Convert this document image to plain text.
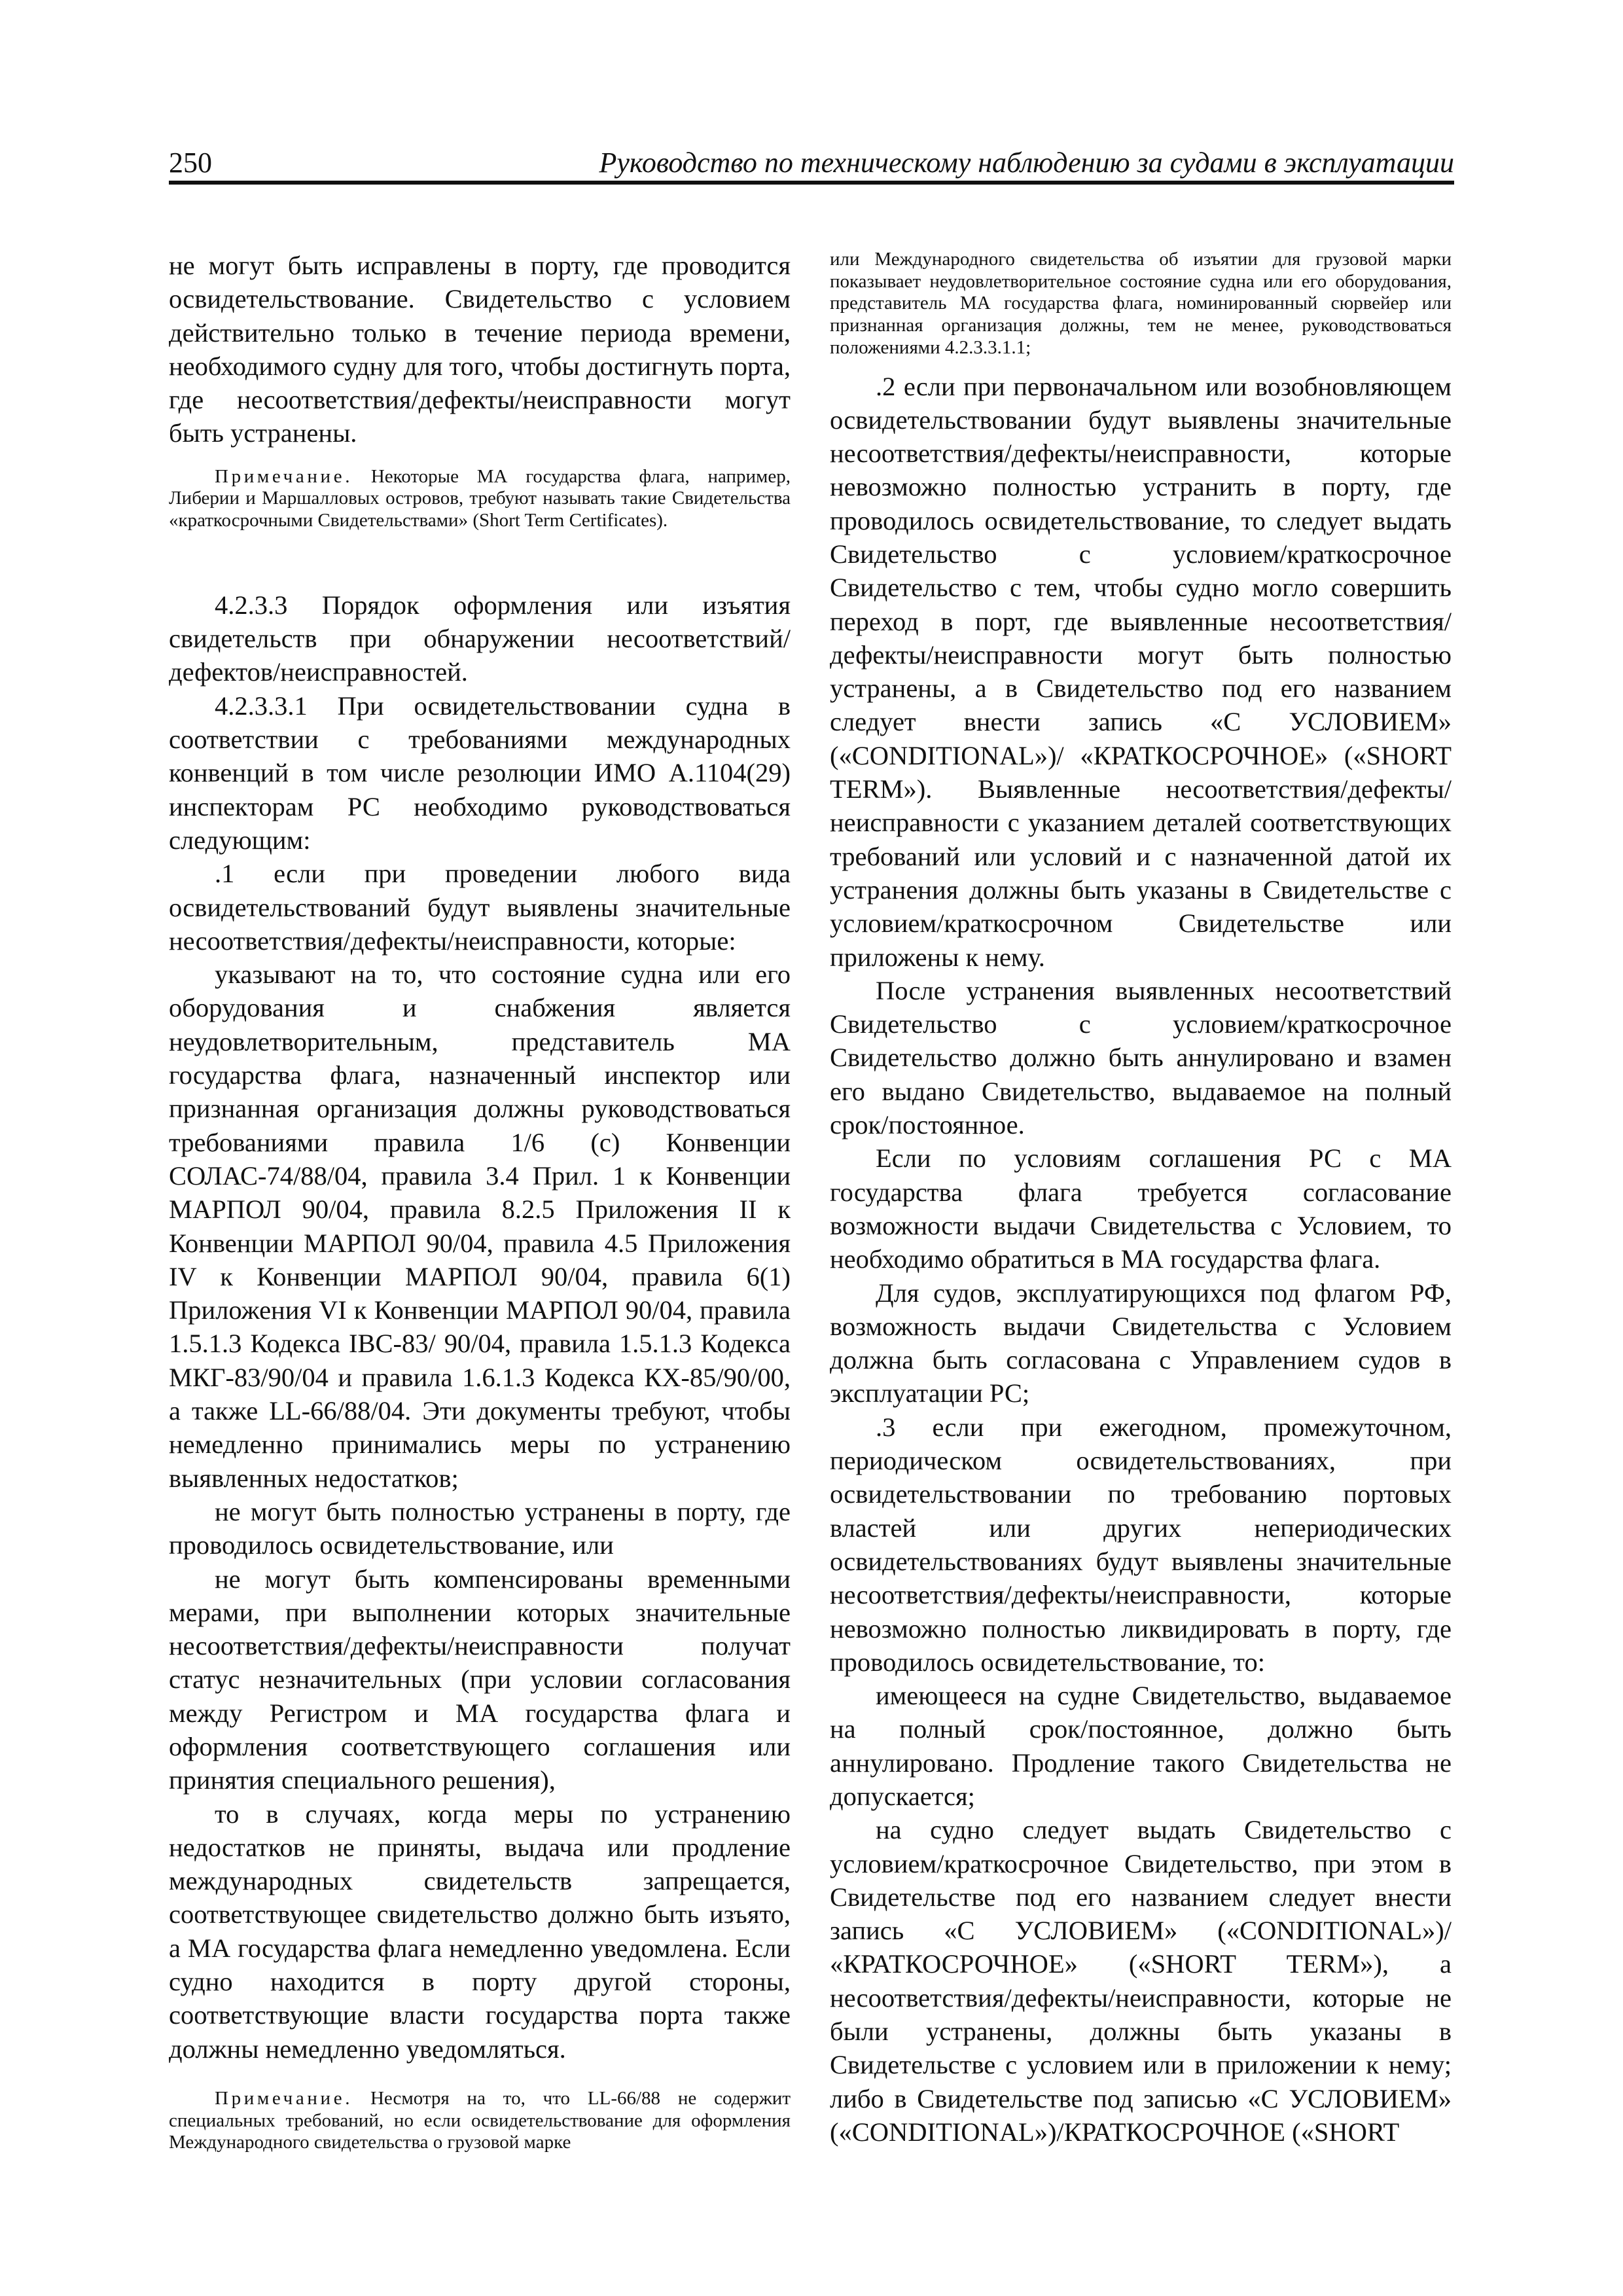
250	Руководство по техническому наблюдению за судами в эксплуатации

не могут быть исправлены в порту, где проводится освидетельствование. Свидетельство с условием действительно только в течение периода времени, необходимого судну для того, чтобы достигнуть порта, где несоответствия/дефекты/неисправности могут быть устранены.

Примечание. Некоторые МА государства флага, например, Либерии и Маршалловых островов, требуют называть такие Свидетельства «краткосрочными Свидетельствами» (Short Term Certificates).

4.2.3.3 Порядок оформления или изъятия свидетельств при обнаружении несоответствий/дефектов/неисправностей.

4.2.3.3.1 При освидетельствовании судна в соответствии с требованиями международных конвенций в том числе резолюции ИМО А.1104(29) инспекторам РС необходимо руководствоваться следующим:

.1 если при проведении любого вида освидетельствований будут выявлены значительные несоответствия/дефекты/неисправности, которые:

указывают на то, что состояние судна или его оборудования и снабжения является неудовлетворительным, представитель МА государства флага, назначенный инспектор или признанная организация должны руководствоваться требованиями правила 1/6 (с) Конвенции СОЛАС-74/88/04, правила 3.4 Прил. 1 к Конвенции МАРПОЛ 90/04, правила 8.2.5 Приложения II к Конвенции МАРПОЛ 90/04, правила 4.5 Приложения IV к Конвенции МАРПОЛ 90/04, правила 6(1) Приложения VI к Конвенции МАРПОЛ 90/04, правила 1.5.1.3 Кодекса IBC-83/ 90/04, правила 1.5.1.3 Кодекса МКГ-83/90/04 и правила 1.6.1.3 Кодекса КХ-85/90/00, а также LL-66/88/04. Эти документы требуют, чтобы немедленно принимались меры по устранению выявленных недостатков;

не могут быть полностью устранены в порту, где проводилось освидетельствование, или

не могут быть компенсированы временными мерами, при выполнении которых значительные несоответствия/дефекты/неисправности получат статус незначительных (при условии согласования между Регистром и МА государства флага и оформления соответствующего соглашения или принятия специального решения),

то в случаях, когда меры по устранению недостатков не приняты, выдача или продление международных свидетельств запрещается, соответствующее свидетельство должно быть изъято, а МА государства флага немедленно уведомлена. Если судно находится в порту другой стороны, соответствующие власти государства порта также должны немедленно уведомляться.

Примечание. Несмотря на то, что LL-66/88 не содержит специальных требований, но если освидетельствование для оформления Международного свидетельства о грузовой марке

или Международного свидетельства об изъятии для грузовой марки показывает неудовлетворительное состояние судна или его оборудования, представитель МА государства флага, номинированный сюрвейер или признанная организация должны, тем не менее, руководствоваться положениями 4.2.3.3.1.1;

.2 если при первоначальном или возобновляющем освидетельствовании будут выявлены значительные несоответствия/дефекты/неисправности, которые невозможно полностью устранить в порту, где проводилось освидетельствование, то следует выдать Свидетельство с условием/краткосрочное Свидетельство с тем, чтобы судно могло совершить переход в порт, где выявленные несоответствия/дефекты/неисправности могут быть полностью устранены, а в Свидетельство под его названием следует внести запись «С УСЛОВИЕМ» («CONDITIONAL»)/ «КРАТКОСРОЧНОЕ» («SHORT TERM»). Выявленные несоответствия/дефекты/неисправности с указанием деталей соответствующих требований или условий и с назначенной датой их устранения должны быть указаны в Свидетельстве с условием/краткосрочном Свидетельстве или приложены к нему.

После устранения выявленных несоответствий Свидетельство с условием/краткосрочное Свидетельство должно быть аннулировано и взамен его выдано Свидетельство, выдаваемое на полный срок/постоянное.

Если по условиям соглашения РС с МА государства флага требуется согласование возможности выдачи Свидетельства с Условием, то необходимо обратиться в МА государства флага.

Для судов, эксплуатирующихся под флагом РФ, возможность выдачи Свидетельства с Условием должна быть согласована с Управлением судов в эксплуатации РС;

.3 если при ежегодном, промежуточном, периодическом освидетельствованиях, при освидетельствовании по требованию портовых властей или других непериодических освидетельствованиях будут выявлены значительные несоответствия/дефекты/неисправности, которые невозможно полностью ликвидировать в порту, где проводилось освидетельствование, то:

имеющееся на судне Свидетельство, выдаваемое на полный срок/постоянное, должно быть аннулировано. Продление такого Свидетельства не допускается;

на судно следует выдать Свидетельство с условием/краткосрочное Свидетельство, при этом в Свидетельстве под его названием следует внести запись «С УСЛОВИЕМ» («CONDITIONAL»)/ «КРАТКОСРОЧНОЕ» («SHORT TERM»), а несоответствия/дефекты/неисправности, которые не были устранены, должны быть указаны в Свидетельстве с условием или в приложении к нему; либо в Свидетельстве под записью «С УСЛОВИЕМ» («CONDITIONAL»)/КРАТКОСРОЧНОЕ («SHORT
